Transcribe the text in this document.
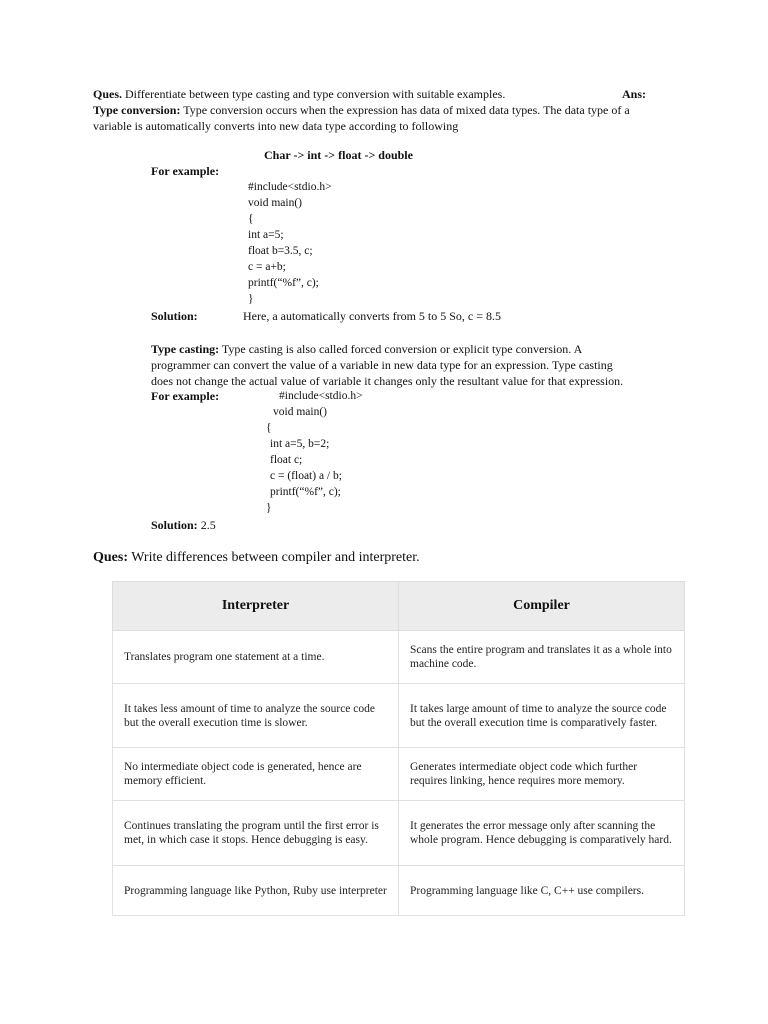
Ques. Differentiate between type casting and type conversion with suitable examples.	Ans:
Type conversion: Type conversion occurs when the expression has data of mixed data types. The data type of a
variable is automatically converts into new data type according to following
Char -> int -> float -> double
For example:
#include<stdio.h>
void main()
{
int a=5;
float b=3.5, c;
c = a+b;
printf(“%f”, c);
}
Solution:	Here, a automatically converts from 5 to 5 So, c = 8.5
Type casting: Type casting is also called forced conversion or explicit type conversion. A
programmer can convert the value of a variable in new data type for an expression. Type casting
does not change the actual value of variable it changes only the resultant value for that expression.
For example:	#include<stdio.h>
void main()
{
int a=5, b=2;
float c;
c = (float) a / b;
printf(“%f”, c);
}
Solution: 2.5
Ques: Write differences between compiler and interpreter.
Interpreter	Compiler
Translates program one statement at a time.	Scans the entire program and translates it as a whole into machine code.
It takes less amount of time to analyze the source code but the overall execution time is slower.	It takes large amount of time to analyze the source code but the overall execution time is comparatively faster.
No intermediate object code is generated, hence are memory efficient.	Generates intermediate object code which further requires linking, hence requires more memory.
Continues translating the program until the first error is met, in which case it stops. Hence debugging is easy.	It generates the error message only after scanning the whole program. Hence debugging is comparatively hard.
Programming language like Python, Ruby use interpreter	Programming language like C, C++ use compilers.
